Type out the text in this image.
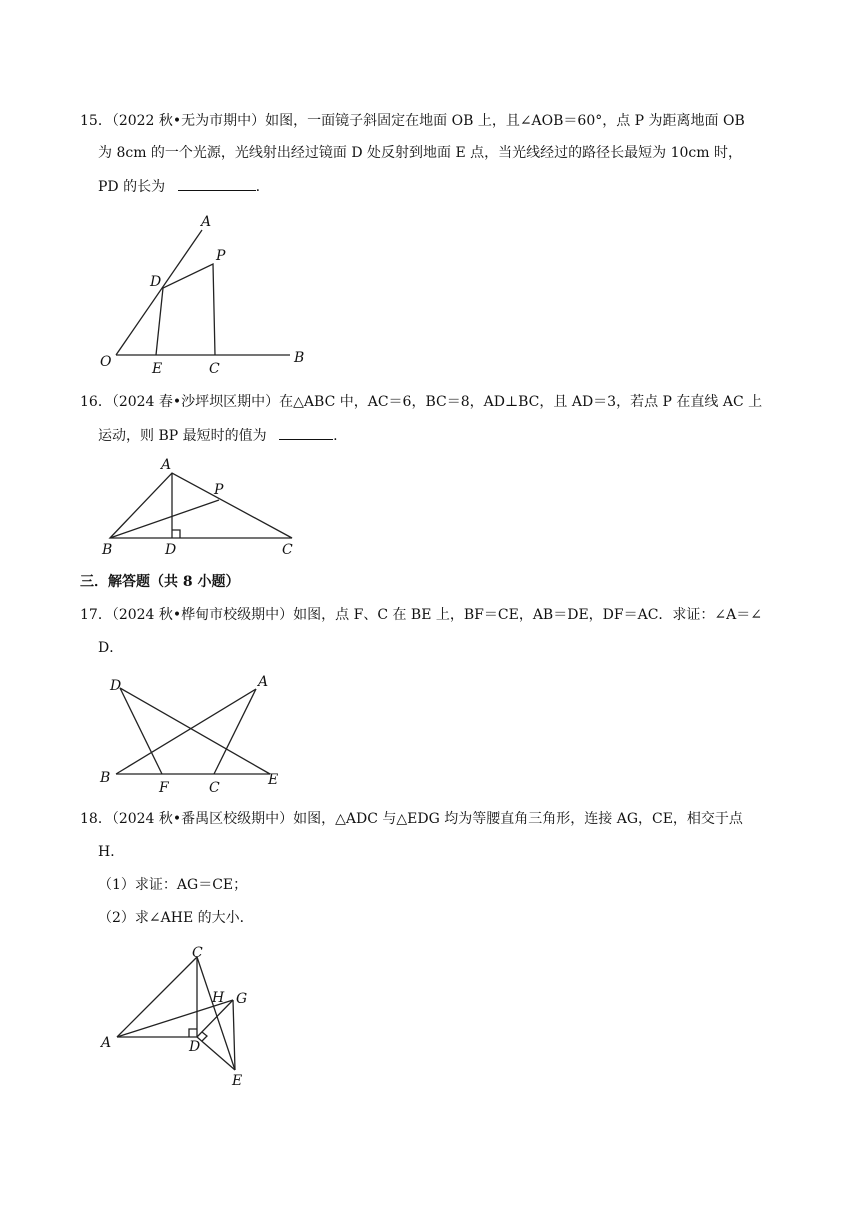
15．（2022 秋•无为市期中）如图，一面镜子斜固定在地面 OB 上，且∠AOB＝60°，点 P 为距离地面 OB
为 8cm 的一个光源，光线射出经过镜面 D 处反射到地面 E 点，当光线经过的路径长最短为 10cm 时，
PD 的长为	.
A
P
D
O	E	C
B
16．（2024 春•沙坪坝区期中）在△ABC 中，AC＝6，BC＝8，AD⊥BC，且 AD＝3，若点 P 在直线 AC 上
运动，则 BP 最短时的值为	.
A
P
B	D	C
三．解答题（共 8 小题）
17．（2024 秋•桦甸市校级期中）如图，点 F、C 在 BE 上，BF＝CE，AB＝DE，DF＝AC．求证：∠A＝∠
D．
D	A
B
F	C	E
18．（2024 秋•番禺区校级期中）如图，△ADC 与△EDG 均为等腰直角三角形，连接 AG，CE，相交于点
H．
（1）求证：AG＝CE；
（2）求∠AHE 的大小．
C
H G
A	D
E
